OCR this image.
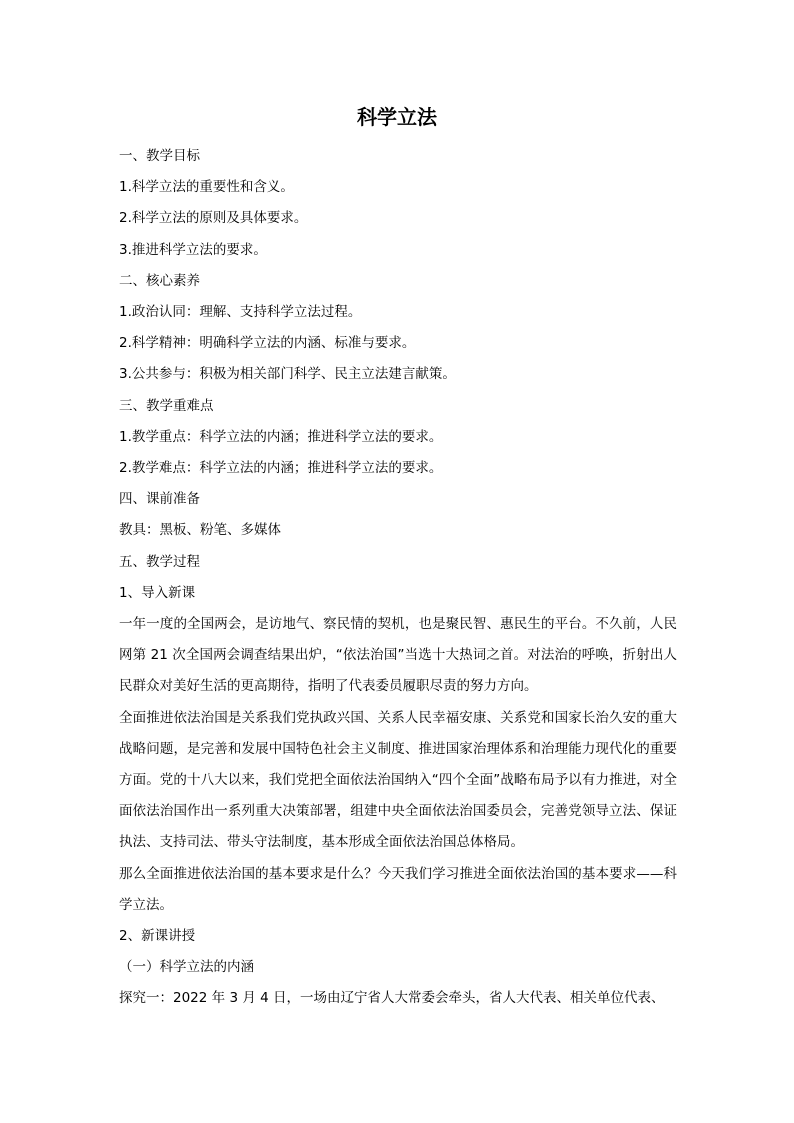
科学立法

一、教学目标

1.科学立法的重要性和含义。

2.科学立法的原则及具体要求。

3.推进科学立法的要求。

二、核心素养

1.政治认同：理解、支持科学立法过程。

2.科学精神：明确科学立法的内涵、标准与要求。

3.公共参与：积极为相关部门科学、民主立法建言献策。

三、教学重难点

1.教学重点：科学立法的内涵；推进科学立法的要求。

2.教学难点：科学立法的内涵；推进科学立法的要求。

四、课前准备

教具：黑板、粉笔、多媒体

五、教学过程

1、导入新课

一年一度的全国两会，是访地气、察民情的契机，也是聚民智、惠民生的平台。不久前，人民网第 21 次全国两会调查结果出炉，“依法治国”当选十大热词之首。对法治的呼唤，折射出人民群众对美好生活的更高期待，指明了代表委员履职尽责的努力方向。

全面推进依法治国是关系我们党执政兴国、关系人民幸福安康、关系党和国家长治久安的重大战略问题，是完善和发展中国特色社会主义制度、推进国家治理体系和治理能力现代化的重要方面。党的十八大以来，我们党把全面依法治国纳入“四个全面”战略布局予以有力推进，对全面依法治国作出一系列重大决策部署，组建中央全面依法治国委员会，完善党领导立法、保证执法、支持司法、带头守法制度，基本形成全面依法治国总体格局。

那么全面推进依法治国的基本要求是什么？今天我们学习推进全面依法治国的基本要求——科学立法。

2、新课讲授

（一）科学立法的内涵

探究一：2022 年 3 月 4 日，一场由辽宁省人大常委会牵头，省人大代表、相关单位代表、
